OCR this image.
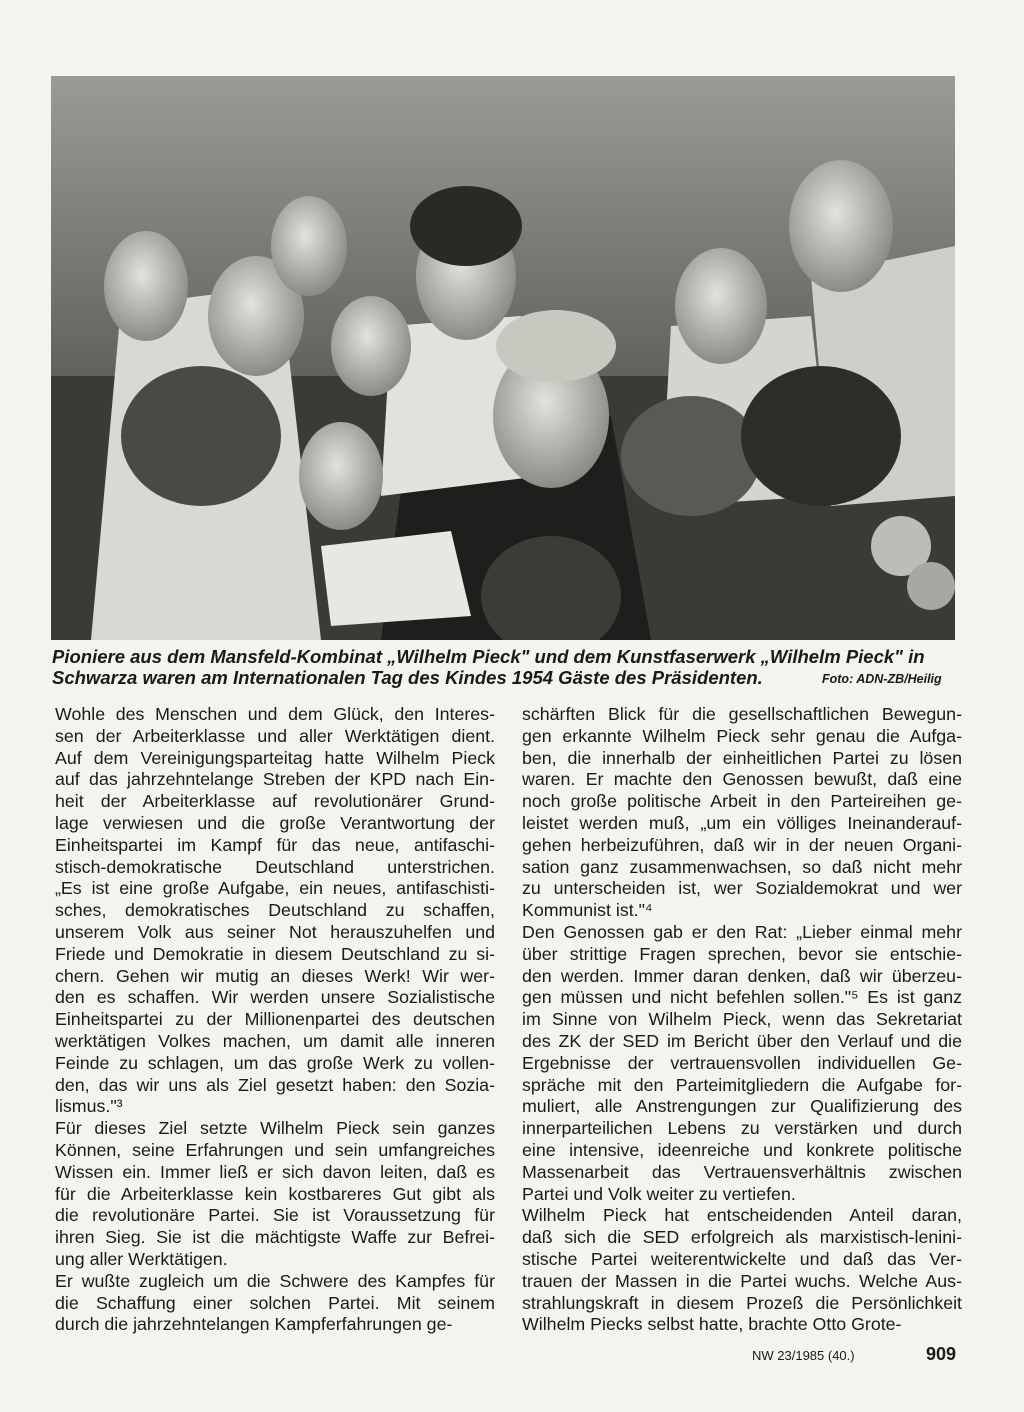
Pioniere aus dem Mansfeld-Kombinat „Wilhelm Pieck" und dem Kunstfaserwerk „Wilhelm Pieck" in
Schwarza waren am Internationalen Tag des Kindes 1954 Gäste des Präsidenten.	Foto: ADN-ZB/Heilig

Wohle des Menschen und dem Glück, den Interes-

sen der Arbeiterklasse und aller Werktätigen dient.

Auf dem Vereinigungsparteitag hatte Wilhelm Pieck

auf das jahrzehntelange Streben der KPD nach Ein-

heit der Arbeiterklasse auf revolutionärer Grund-

lage verwiesen und die große Verantwortung der

Einheitspartei im Kampf für das neue, antifaschi-

stisch-demokratische Deutschland unterstrichen.

„Es ist eine große Aufgabe, ein neues, antifaschisti-

sches, demokratisches Deutschland zu schaffen,

unserem Volk aus seiner Not herauszuhelfen und

Friede und Demokratie in diesem Deutschland zu si-

chern. Gehen wir mutig an dieses Werk! Wir wer-

den es schaffen. Wir werden unsere Sozialistische

Einheitspartei zu der Millionenpartei des deutschen

werktätigen Volkes machen, um damit alle inneren

Feinde zu schlagen, um das große Werk zu vollen-

den, das wir uns als Ziel gesetzt haben: den Sozia-

lismus."³

Für dieses Ziel setzte Wilhelm Pieck sein ganzes

Können, seine Erfahrungen und sein umfangreiches

Wissen ein. Immer ließ er sich davon leiten, daß es

für die Arbeiterklasse kein kostbareres Gut gibt als

die revolutionäre Partei. Sie ist Voraussetzung für

ihren Sieg. Sie ist die mächtigste Waffe zur Befrei-

ung aller Werktätigen.

Er wußte zugleich um die Schwere des Kampfes für

die Schaffung einer solchen Partei. Mit seinem

durch die jahrzehntelangen Kampferfahrungen ge-

schärften Blick für die gesellschaftlichen Bewegun-

gen erkannte Wilhelm Pieck sehr genau die Aufga-

ben, die innerhalb der einheitlichen Partei zu lösen

waren. Er machte den Genossen bewußt, daß eine

noch große politische Arbeit in den Parteireihen ge-

leistet werden muß, „um ein völliges Ineinanderauf-

gehen herbeizuführen, daß wir in der neuen Organi-

sation ganz zusammenwachsen, so daß nicht mehr

zu unterscheiden ist, wer Sozialdemokrat und wer

Kommunist ist."⁴

Den Genossen gab er den Rat: „Lieber einmal mehr

über strittige Fragen sprechen, bevor sie entschie-

den werden. Immer daran denken, daß wir überzeu-

gen müssen und nicht befehlen sollen."⁵ Es ist ganz

im Sinne von Wilhelm Pieck, wenn das Sekretariat

des ZK der SED im Bericht über den Verlauf und die

Ergebnisse der vertrauensvollen individuellen Ge-

spräche mit den Parteimitgliedern die Aufgabe for-

muliert, alle Anstrengungen zur Qualifizierung des

innerparteilichen Lebens zu verstärken und durch

eine intensive, ideenreiche und konkrete politische

Massenarbeit das Vertrauensverhältnis zwischen

Partei und Volk weiter zu vertiefen.

Wilhelm Pieck hat entscheidenden Anteil daran,

daß sich die SED erfolgreich als marxistisch-lenini-

stische Partei weiterentwickelte und daß das Ver-

trauen der Massen in die Partei wuchs. Welche Aus-

strahlungskraft in diesem Prozeß die Persönlichkeit

Wilhelm Piecks selbst hatte, brachte Otto Grote-

NW 23/1985 (40.)	909
